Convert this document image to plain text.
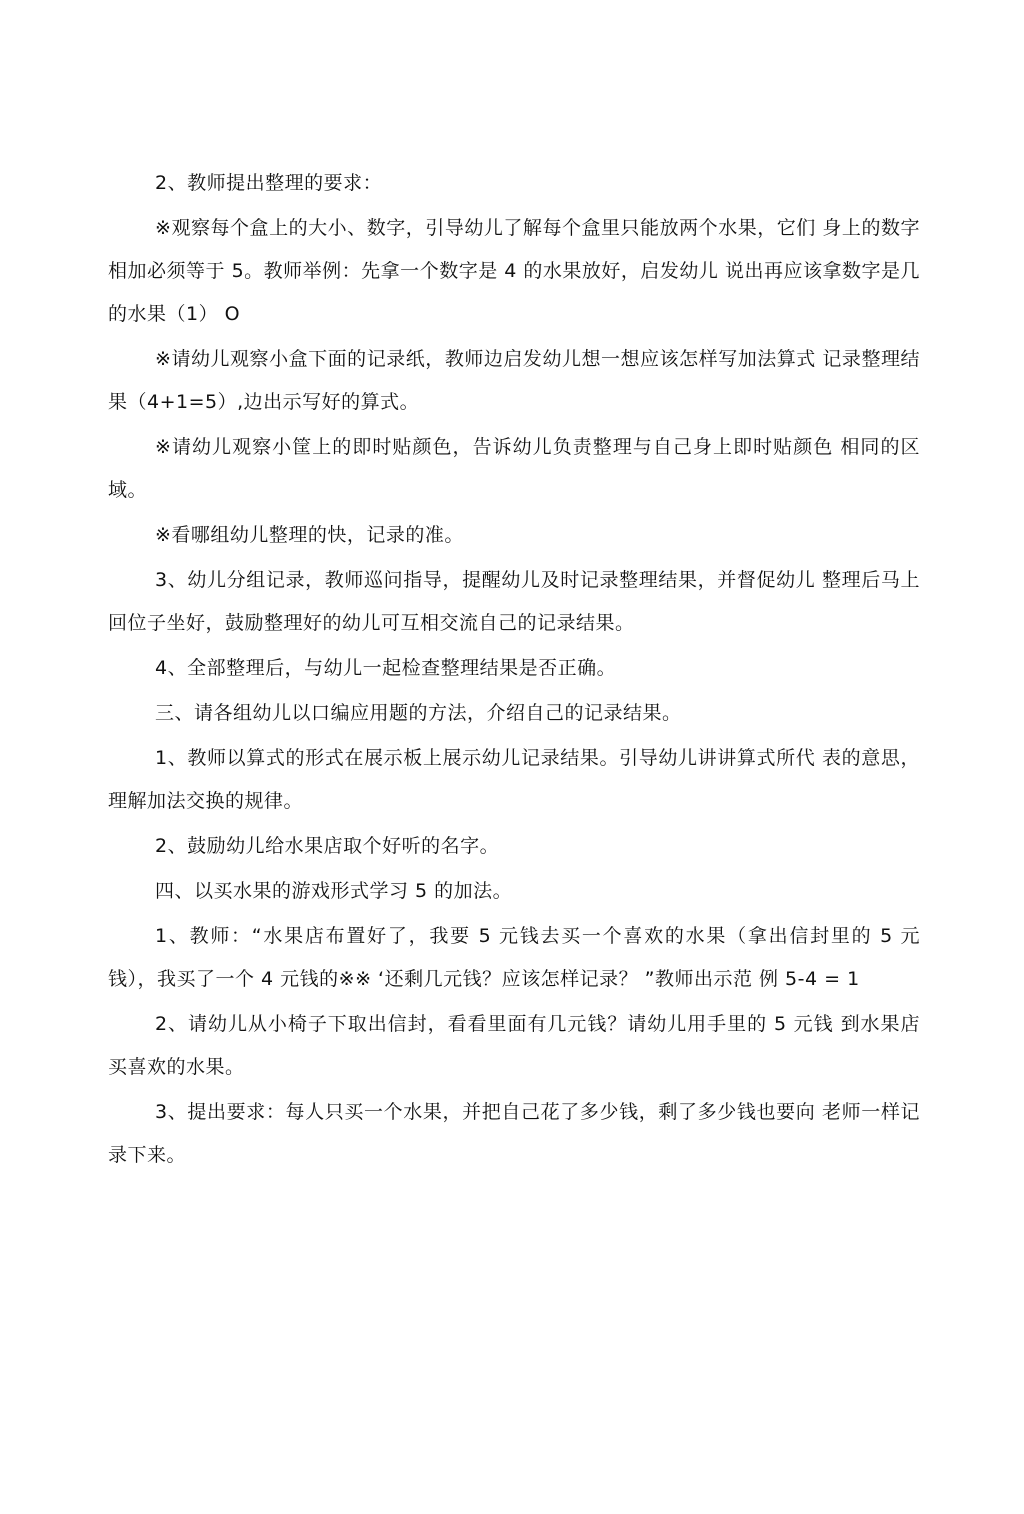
2、教师提出整理的要求：

※观察每个盒上的大小、数字，引导幼儿了解每个盒里只能放两个水果，它们 身上的数字相加必须等于 5。教师举例：先拿一个数字是 4 的水果放好，启发幼儿 说出再应该拿数字是几的水果（1） O

※请幼儿观察小盒下面的记录纸，教师边启发幼儿想一想应该怎样写加法算式 记录整理结果（4+1=5）,边出示写好的算式。

※请幼儿观察小筐上的即时贴颜色，告诉幼儿负责整理与自己身上即时贴颜色 相同的区域。

※看哪组幼儿整理的快，记录的准。

3、幼儿分组记录，教师巡问指导，提醒幼儿及时记录整理结果，并督促幼儿 整理后马上回位子坐好，鼓励整理好的幼儿可互相交流自己的记录结果。

4、全部整理后，与幼儿一起检查整理结果是否正确。

三、请各组幼儿以口编应用题的方法，介绍自己的记录结果。

1、教师以算式的形式在展示板上展示幼儿记录结果。引导幼儿讲讲算式所代 表的意思，理解加法交换的规律。

2、鼓励幼儿给水果店取个好听的名字。

四、以买水果的游戏形式学习 5 的加法。

1、教师：“水果店布置好了，我要 5 元钱去买一个喜欢的水果（拿出信封里的 5 元钱），我买了一个 4 元钱的※※ ‘还剩几元钱？应该怎样记录？ ”教师出示范 例 5-4 = 1

2、请幼儿从小椅子下取出信封，看看里面有几元钱？请幼儿用手里的 5 元钱 到水果店买喜欢的水果。

3、提出要求：每人只买一个水果，并把自己花了多少钱，剩了多少钱也要向 老师一样记录下来。
